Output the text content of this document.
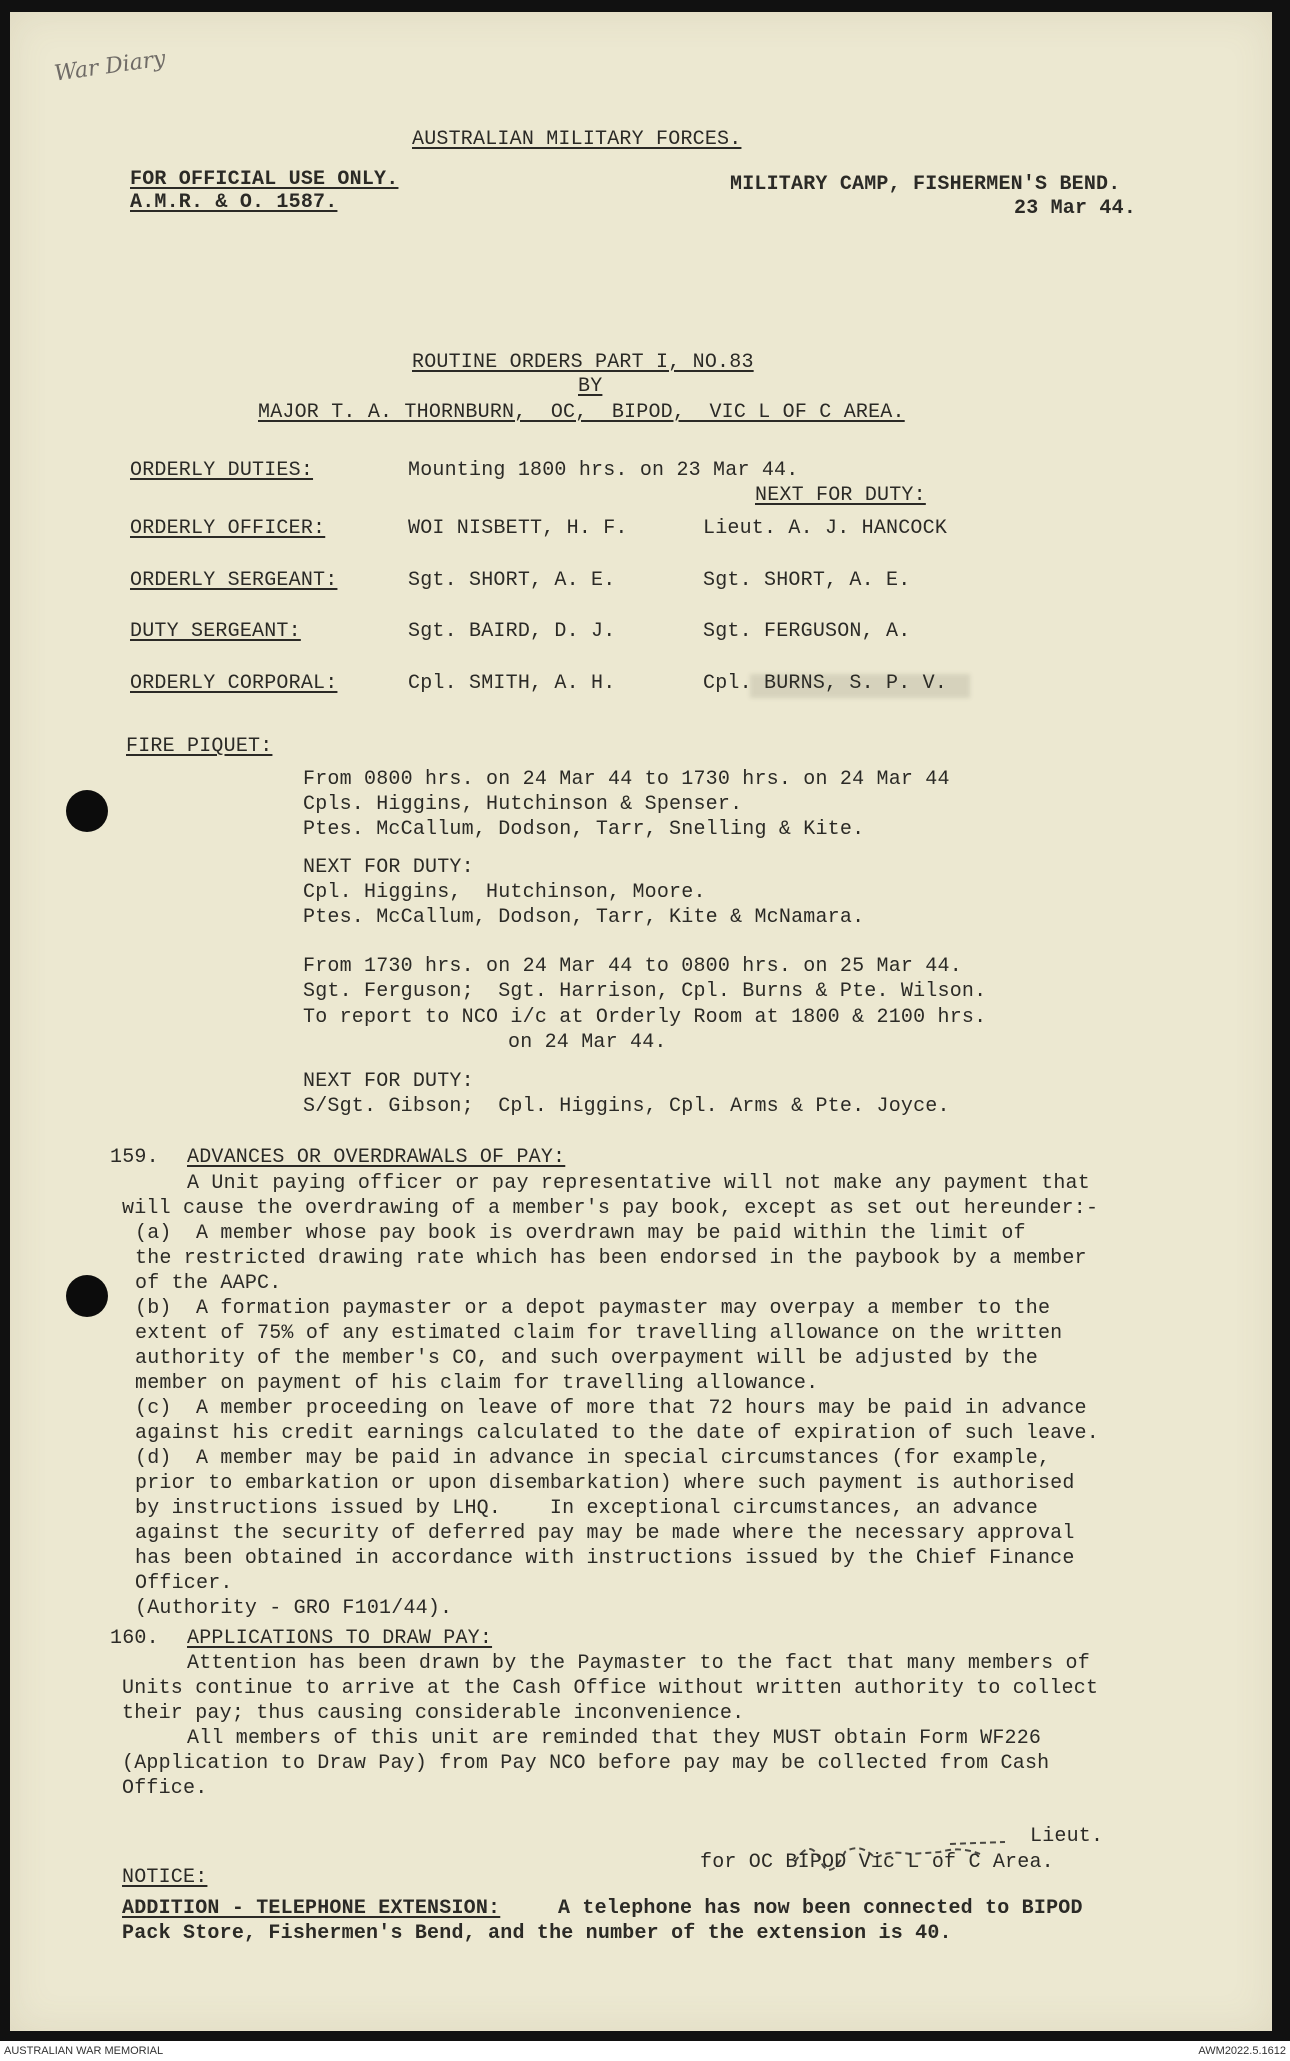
War Diary
AUSTRALIAN MILITARY FORCES.
FOR OFFICIAL USE ONLY.
A.M.R. & O. 1587.
MILITARY CAMP, FISHERMEN'S BEND.
23 Mar 44.
ROUTINE ORDERS PART I, NO.83
BY
MAJOR T. A. THORNBURN,  OC,  BIPOD,  VIC L OF C AREA.
ORDERLY DUTIES:	Mounting 1800 hrs. on 23 Mar 44.
NEXT FOR DUTY:
ORDERLY OFFICER:	WOI NISBETT, H. F.	Lieut. A. J. HANCOCK
ORDERLY SERGEANT:	Sgt. SHORT, A. E.	Sgt. SHORT, A. E.
DUTY SERGEANT:	Sgt. BAIRD, D. J.	Sgt. FERGUSON, A.
ORDERLY CORPORAL:	Cpl. SMITH, A. H.	Cpl. BURNS, S. P. V.
FIRE PIQUET:
From 0800 hrs. on 24 Mar 44 to 1730 hrs. on 24 Mar 44
Cpls. Higgins, Hutchinson & Spenser.
Ptes. McCallum, Dodson, Tarr, Snelling & Kite.
NEXT FOR DUTY:
Cpl. Higgins,  Hutchinson, Moore.
Ptes. McCallum, Dodson, Tarr, Kite & McNamara.
From 1730 hrs. on 24 Mar 44 to 0800 hrs. on 25 Mar 44.
Sgt. Ferguson;  Sgt. Harrison, Cpl. Burns & Pte. Wilson.
To report to NCO i/c at Orderly Room at 1800 & 2100 hrs.
on 24 Mar 44.
NEXT FOR DUTY:
S/Sgt. Gibson;  Cpl. Higgins, Cpl. Arms & Pte. Joyce.
159. ADVANCES OR OVERDRAWALS OF PAY:
A Unit paying officer or pay representative will not make any payment that
will cause the overdrawing of a member's pay book, except as set out hereunder:-
(a)  A member whose pay book is overdrawn may be paid within the limit of
the restricted drawing rate which has been endorsed in the paybook by a member
of the AAPC.
(b)  A formation paymaster or a depot paymaster may overpay a member to the
extent of 75% of any estimated claim for travelling allowance on the written
authority of the member's CO, and such overpayment will be adjusted by the
member on payment of his claim for travelling allowance.
(c)  A member proceeding on leave of more that 72 hours may be paid in advance
against his credit earnings calculated to the date of expiration of such leave.
(d)  A member may be paid in advance in special circumstances (for example,
prior to embarkation or upon disembarkation) where such payment is authorised
by instructions issued by LHQ.    In exceptional circumstances, an advance
against the security of deferred pay may be made where the necessary approval
has been obtained in accordance with instructions issued by the Chief Finance
Officer.
(Authority - GRO F101/44).
160. APPLICATIONS TO DRAW PAY:
Attention has been drawn by the Paymaster to the fact that many members of
Units continue to arrive at the Cash Office without written authority to collect
their pay; thus causing considerable inconvenience.
All members of this unit are reminded that they MUST obtain Form WF226
(Application to Draw Pay) from Pay NCO before pay may be collected from Cash
Office.
Lieut.
for OC BIPOD Vic L of C Area.
NOTICE:
ADDITION - TELEPHONE EXTENSION:	A telephone has now been connected to BIPOD
Pack Store, Fishermen's Bend, and the number of the extension is 40.
AUSTRALIAN WAR MEMORIAL	AWM2022.5.1612
